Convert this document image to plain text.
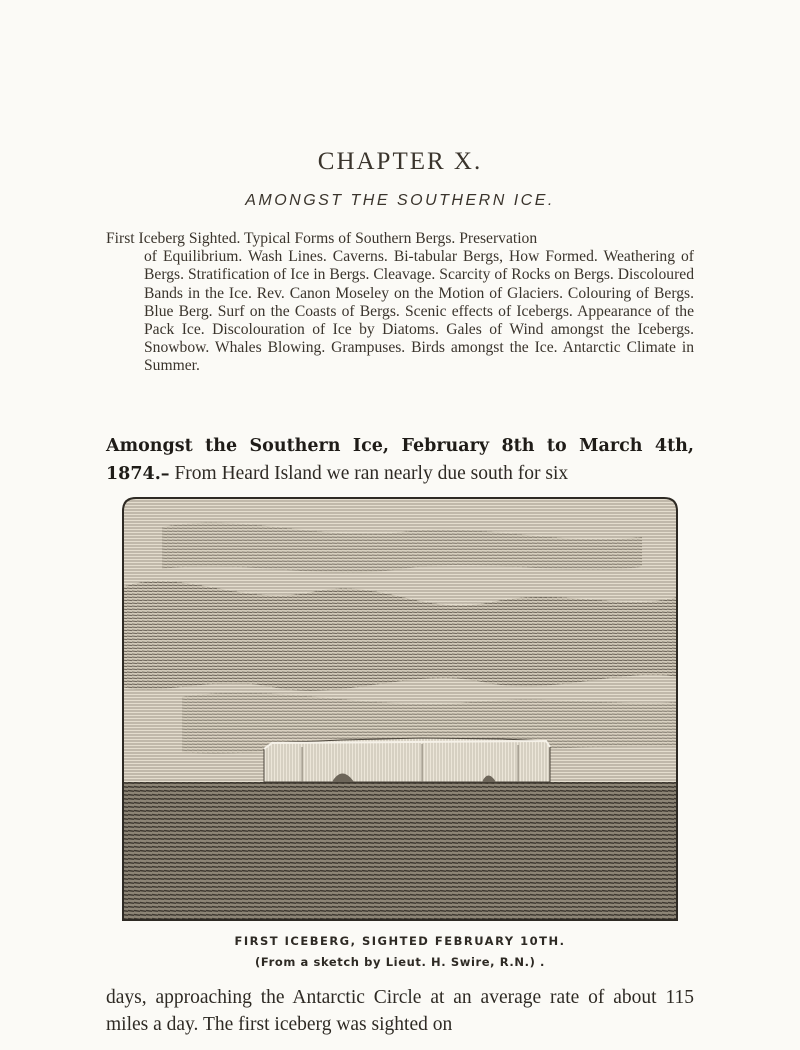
CHAPTER X.
AMONGST THE SOUTHERN ICE.
First Iceberg Sighted. Typical Forms of Southern Bergs. Preservation
of Equilibrium. Wash Lines. Caverns. Bi-tabular Bergs, How Formed. Weathering of Bergs. Stratification of Ice in Bergs. Cleavage. Scarcity of Rocks on Bergs. Discoloured Bands in the Ice. Rev. Canon Moseley on the Motion of Glaciers. Colouring of Bergs. Blue Berg. Surf on the Coasts of Bergs. Scenic effects of Icebergs. Appearance of the Pack Ice. Discolouration of Ice by Diatoms. Gales of Wind amongst the Icebergs. Snowbow. Whales Blowing. Grampuses. Birds amongst the Ice. Antarctic Climate in Summer.
Amongst the Southern Ice, February 8th to March 4th, 1874.– From Heard Island we ran nearly due south for six
FIRST ICEBERG, SIGHTED FEBRUARY 10TH.
(From a sketch by Lieut. H. Swire, R.N.) .
days, approaching the Antarctic Circle at an average rate of about 115 miles a day. The first iceberg was sighted on
